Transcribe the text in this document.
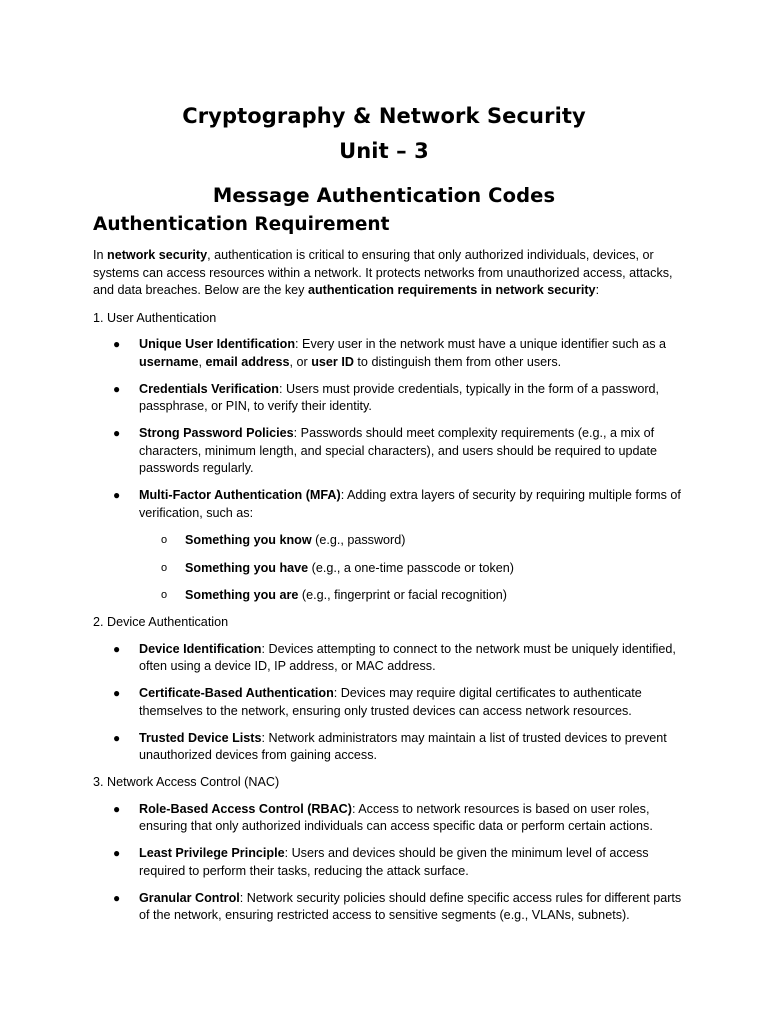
Cryptography & Network Security
Unit – 3
Message Authentication Codes
Authentication Requirement

In network security, authentication is critical to ensuring that only authorized individuals, devices, or systems can access resources within a network. It protects networks from unauthorized access, attacks, and data breaches. Below are the key authentication requirements in network security:

1. User Authentication

● Unique User Identification: Every user in the network must have a unique identifier such as a username, email address, or user ID to distinguish them from other users.
● Credentials Verification: Users must provide credentials, typically in the form of a password, passphrase, or PIN, to verify their identity.
● Strong Password Policies: Passwords should meet complexity requirements (e.g., a mix of characters, minimum length, and special characters), and users should be required to update passwords regularly.
● Multi-Factor Authentication (MFA): Adding extra layers of security by requiring multiple forms of verification, such as:
o Something you know (e.g., password)
o Something you have (e.g., a one-time passcode or token)
o Something you are (e.g., fingerprint or facial recognition)

2. Device Authentication

● Device Identification: Devices attempting to connect to the network must be uniquely identified, often using a device ID, IP address, or MAC address.
● Certificate-Based Authentication: Devices may require digital certificates to authenticate themselves to the network, ensuring only trusted devices can access network resources.
● Trusted Device Lists: Network administrators may maintain a list of trusted devices to prevent unauthorized devices from gaining access.

3. Network Access Control (NAC)

● Role-Based Access Control (RBAC): Access to network resources is based on user roles, ensuring that only authorized individuals can access specific data or perform certain actions.
● Least Privilege Principle: Users and devices should be given the minimum level of access required to perform their tasks, reducing the attack surface.
● Granular Control: Network security policies should define specific access rules for different parts of the network, ensuring restricted access to sensitive segments (e.g., VLANs, subnets).
